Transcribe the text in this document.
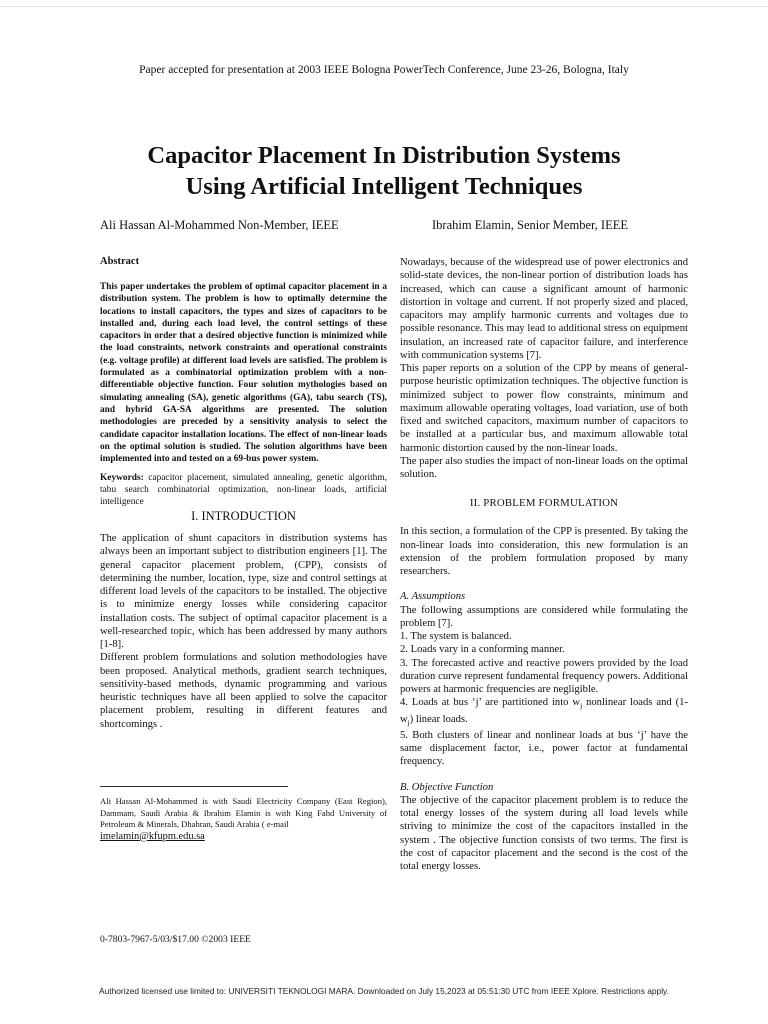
Paper accepted for presentation at 2003 IEEE Bologna PowerTech Conference, June 23-26, Bologna, Italy
Capacitor Placement In Distribution Systems
Using Artificial Intelligent Techniques
Ali Hassan Al-Mohammed Non-Member, IEEE	Ibrahim Elamin, Senior Member, IEEE

Abstract

This paper undertakes the problem of optimal capacitor placement in a distribution system. The problem is how to optimally determine the locations to install capacitors, the types and sizes of capacitors to be installed and, during each load level, the control settings of these capacitors in order that a desired objective function is minimized while the load constraints, network constraints and operational constraints (e.g. voltage profile) at different load levels are satisfied. The problem is formulated as a combinatorial optimization problem with a non-differentiable objective function. Four solution mythologies based on simulating annealing (SA), genetic algorithms (GA), tabu search (TS), and hybrid GA-SA algorithms are presented. The solution methodologies are preceded by a sensitivity analysis to select the candidate capacitor installation locations. The effect of non-linear loads on the optimal solution is studied. The solution algorithms have been implemented into and tested on a 69-bus power system.

Keywords: capacitor placement, simulated annealing, genetic algorithm, tabu search combinatorial optimization, non-linear loads, artificial intelligence

I. INTRODUCTION

The application of shunt capacitors in distribution systems has always been an important subject to distribution engineers [1]. The general capacitor placement problem, (CPP), consists of determining the number, location, type, size and control settings at different load levels of the capacitors to be installed. The objective is to minimize energy losses while considering capacitor installation costs. The subject of optimal capacitor placement is a well-researched topic, which has been addressed by many authors [1-8].

Different problem formulations and solution methodologies have been proposed. Analytical methods, gradient search techniques, sensitivity-based methods, dynamic programming and various heuristic techniques have all been applied to solve the capacitor placement problem, resulting in different features and shortcomings .

Ali Hassan Al-Mohammed is with Saudi Electricity Company (East Region), Dammam, Saudi Arabia & Ibrahim Elamin is with King Fahd University of Petroleum & Minerals, Dhahran, Saudi Arabia ( e-mail
imelamin@kfupm.edu.sa

0-7803-7967-5/03/$17.00 ©2003 IEEE

Nowadays, because of the widespread use of power electronics and solid-state devices, the non-linear portion of distribution loads has increased, which can cause a significant amount of harmonic distortion in voltage and current. If not properly sized and placed, capacitors may amplify harmonic currents and voltages due to possible resonance. This may lead to additional stress on equipment insulation, an increased rate of capacitor failure, and interference with communication systems [7].

This paper reports on a solution of the CPP by means of general-purpose heuristic optimization techniques. The objective function is minimized subject to power flow constraints, minimum and maximum allowable operating voltages, load variation, use of both fixed and switched capacitors, maximum number of capacitors to be installed at a particular bus, and maximum allowable total harmonic distortion caused by the non-linear loads.

The paper also studies the impact of non-linear loads on the optimal solution.

II. PROBLEM FORMULATION

In this section, a formulation of the CPP is presented. By taking the non-linear loads into consideration, this new formulation is an extension of the problem formulation proposed by many researchers.

A. Assumptions

The following assumptions are considered while formulating the problem [7].

1. The system is balanced.

2. Loads vary in a conforming manner.

3. The forecasted active and reactive powers provided by the load duration curve represent fundamental frequency powers. Additional powers at harmonic frequencies are negligible.

4. Loads at bus ‘j’ are partitioned into $w_j$ nonlinear loads and (1- $w_j$) linear loads.

5. Both clusters of linear and nonlinear loads at bus ‘j’ have the same displacement factor, i.e., power factor at fundamental frequency.

B. Objective Function

The objective of the capacitor placement problem is to reduce the total energy losses of the system during all load levels while striving to minimize the cost of the capacitors installed in the system . The objective function consists of two terms. The first is the cost of capacitor placement and the second is the cost of the total energy losses.

Authorized licensed use limited to: UNIVERSITI TEKNOLOGI MARA. Downloaded on July 15,2023 at 05:51:30 UTC from IEEE Xplore. Restrictions apply.
